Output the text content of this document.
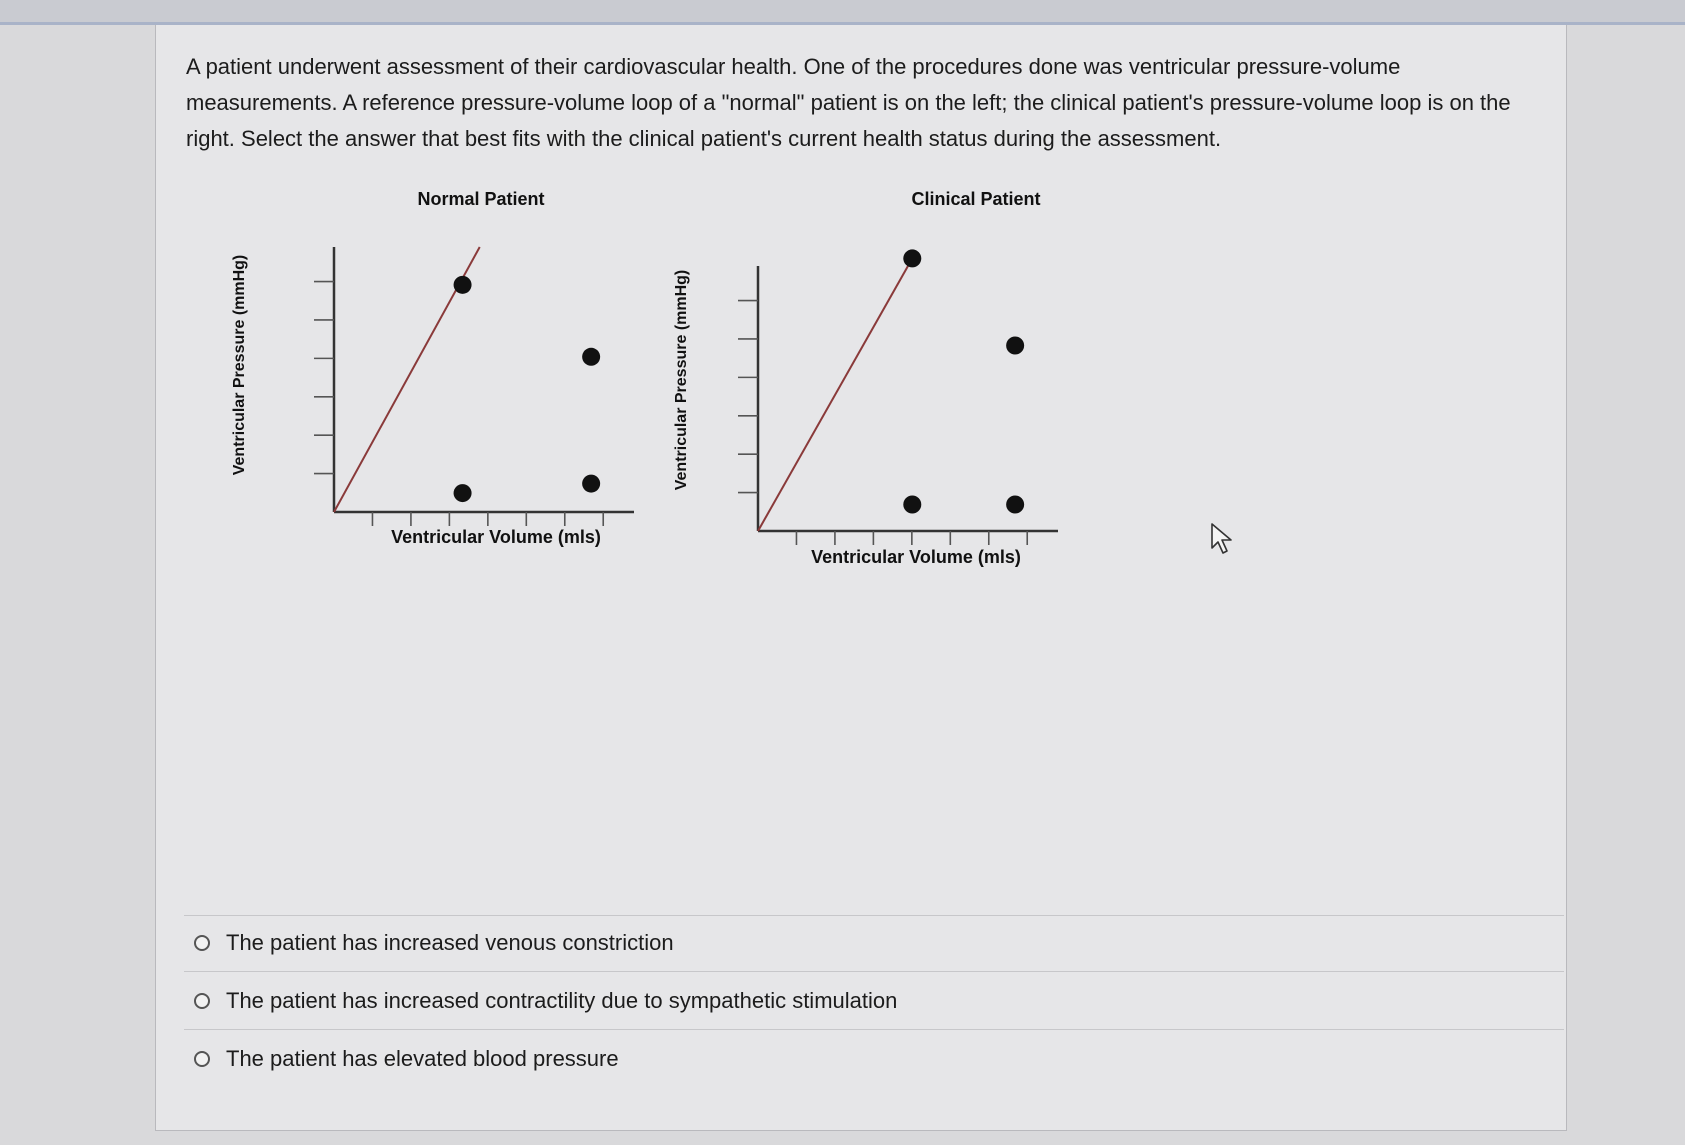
A patient underwent assessment of their cardiovascular health. One of the procedures done was ventricular pressure-volume measurements. A reference pressure-volume loop of a "normal" patient is on the left; the clinical patient's pressure-volume loop is on the right. Select the answer that best fits with the clinical patient's current health status during the assessment.
Normal Patient
Ventricular Volume (mls)
Ventricular Pressure (mmHg)
Clinical Patient
Ventricular Volume (mls)
Ventricular Pressure (mmHg)
The patient has increased venous constriction
The patient has increased contractility due to sympathetic stimulation
The patient has elevated blood pressure
